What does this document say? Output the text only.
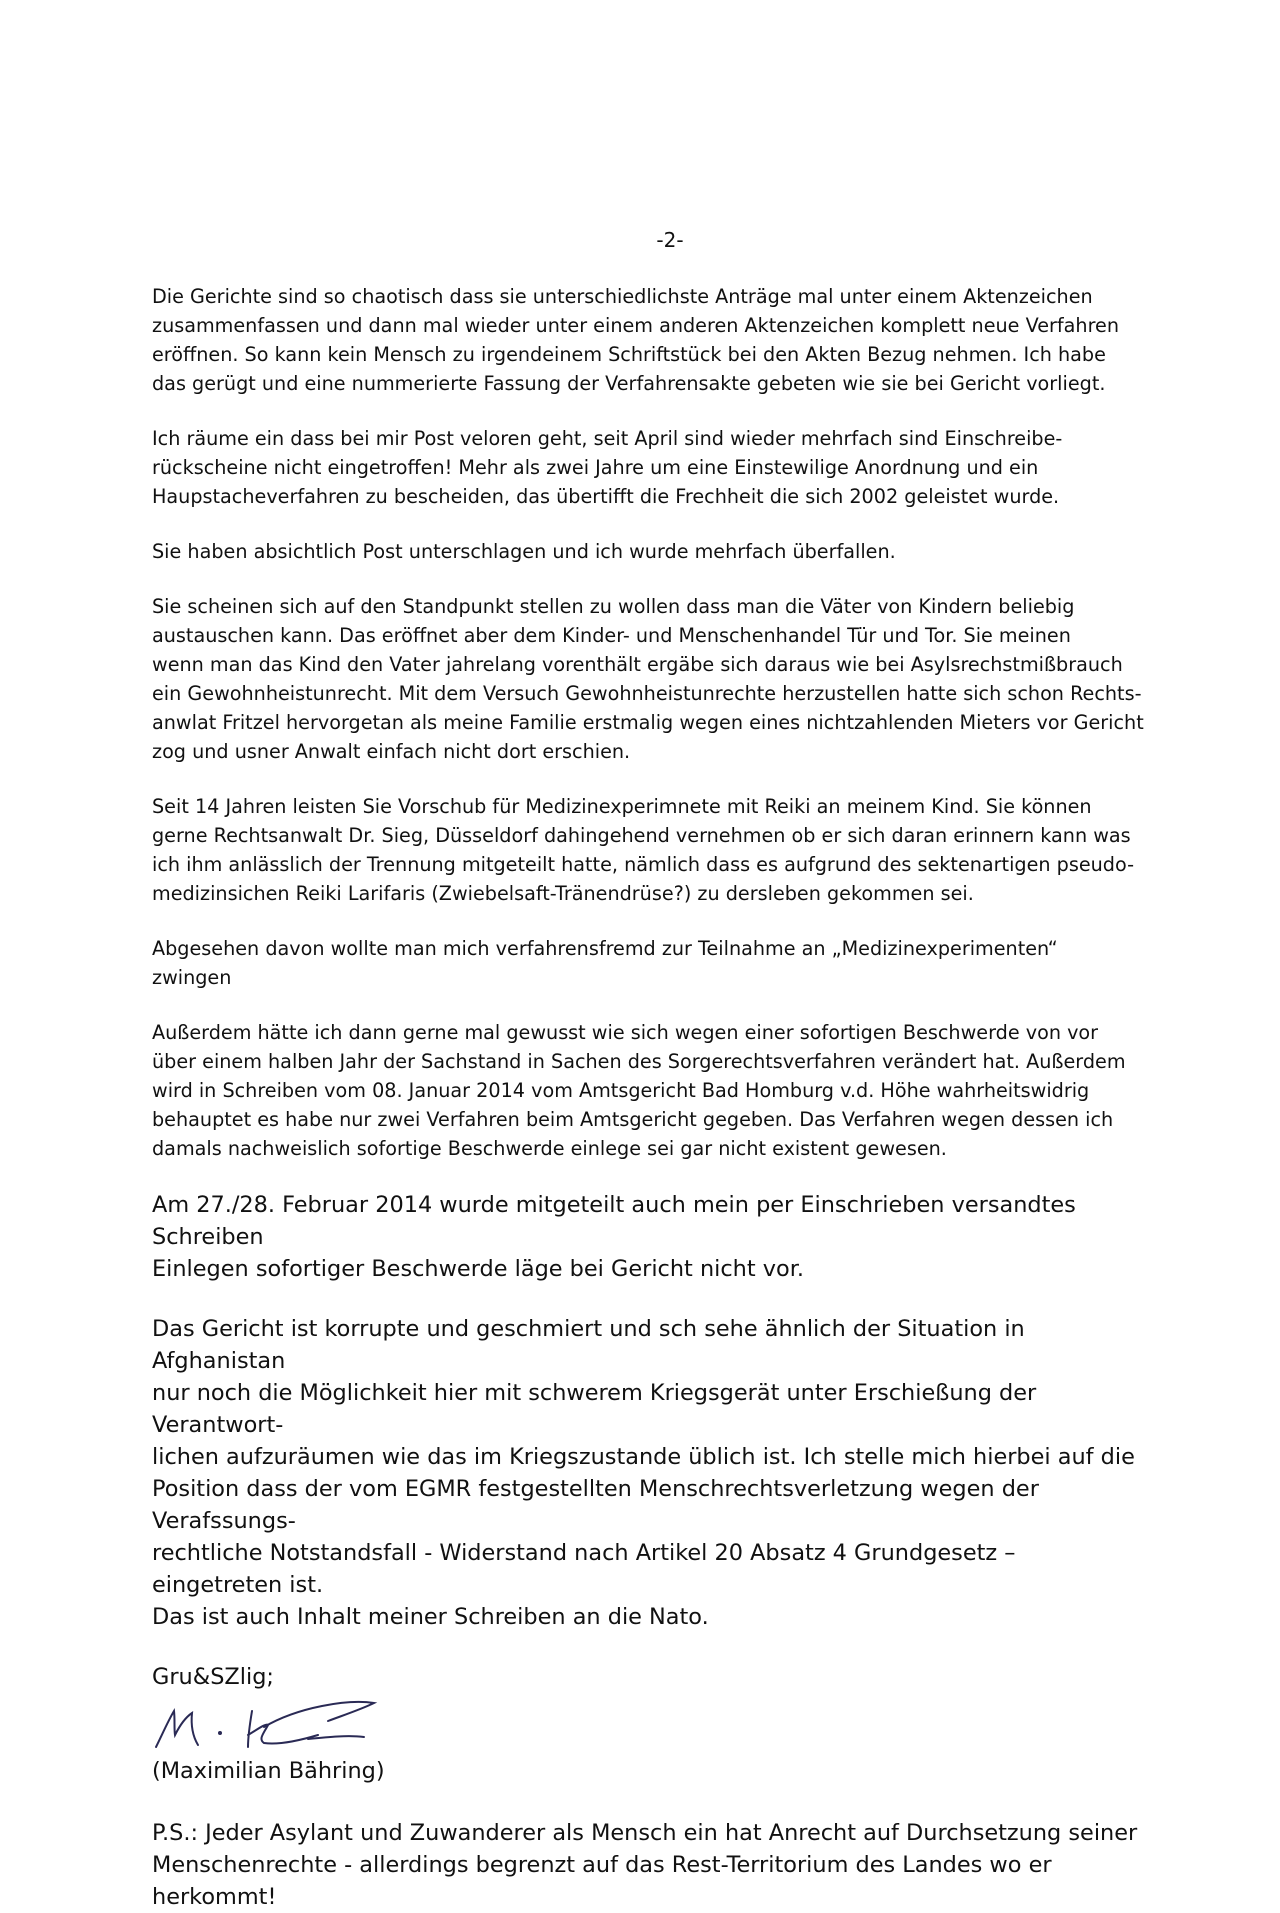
-2-

Die Gerichte sind so chaotisch dass sie unterschiedlichste Anträge mal unter einem Aktenzeichen
zusammenfassen und dann mal wieder unter einem anderen Aktenzeichen komplett neue Verfahren
eröffnen. So kann kein Mensch zu irgendeinem Schriftstück bei den Akten Bezug nehmen. Ich habe
das gerügt und eine nummerierte Fassung der Verfahrensakte gebeten wie sie bei Gericht vorliegt.

Ich räume ein dass bei mir Post veloren geht, seit April sind wieder mehrfach sind Einschreibe-
rückscheine nicht eingetroffen! Mehr als zwei Jahre um eine Einstewilige Anordnung und ein
Haupstacheverfahren zu bescheiden, das übertifft die Frechheit die sich 2002 geleistet wurde.

Sie haben absichtlich Post unterschlagen und ich wurde mehrfach überfallen.

Sie scheinen sich auf den Standpunkt stellen zu wollen dass man die Väter von Kindern beliebig
austauschen kann. Das eröffnet aber dem Kinder- und Menschenhandel Tür und Tor. Sie meinen
wenn man das Kind den Vater jahrelang vorenthält ergäbe sich daraus wie bei Asylsrechstmißbrauch
ein Gewohnheistunrecht. Mit dem Versuch Gewohnheistunrechte herzustellen hatte sich schon Rechts-
anwlat Fritzel hervorgetan als meine Familie erstmalig wegen eines nichtzahlenden Mieters vor Gericht
zog und usner Anwalt einfach nicht dort erschien.

Seit 14 Jahren leisten Sie Vorschub für Medizinexperimnete mit Reiki an meinem Kind. Sie können
gerne Rechtsanwalt Dr. Sieg, Düsseldorf dahingehend vernehmen ob er sich daran erinnern kann was
ich ihm anlässlich der Trennung mitgeteilt hatte, nämlich dass es aufgrund des sektenartigen pseudo-
medizinsichen Reiki Larifaris (Zwiebelsaft-Tränendrüse?) zu dersleben gekommen sei.

Abgesehen davon wollte man mich verfahrensfremd zur Teilnahme an „Medizinexperimenten“
zwingen

Außerdem hätte ich dann gerne mal gewusst wie sich wegen einer sofortigen Beschwerde von vor
über einem halben Jahr der Sachstand in Sachen des Sorgerechtsverfahren verändert hat. Außerdem
wird in Schreiben vom 08. Januar 2014 vom Amtsgericht Bad Homburg v.d. Höhe wahrheitswidrig
behauptet es habe nur zwei Verfahren beim Amtsgericht gegeben. Das Verfahren wegen dessen ich
damals nachweislich sofortige Beschwerde einlege sei gar nicht existent gewesen.

Am 27./28. Februar 2014 wurde mitgeteilt auch mein per Einschrieben versandtes Schreiben
Einlegen sofortiger Beschwerde läge bei Gericht nicht vor.

Das Gericht ist korrupte und geschmiert und sch sehe ähnlich der Situation in Afghanistan
nur noch die Möglichkeit hier mit schwerem Kriegsgerät unter Erschießung der Verantwort-
lichen aufzuräumen wie das im Kriegszustande üblich ist. Ich stelle mich hierbei auf die
Position dass der vom EGMR festgestellten Menschrechtsverletzung wegen der Verafssungs-
rechtliche Notstandsfall - Widerstand nach Artikel 20 Absatz 4 Grundgesetz – eingetreten ist.
Das ist auch Inhalt meiner Schreiben an die Nato.

Gru&SZlig;
(Maximilian Bähring)
P.S.: Jeder Asylant und Zuwanderer als Mensch ein hat Anrecht auf Durchsetzung seiner
Menschenrechte - allerdings begrenzt auf das Rest-Territorium des Landes wo er herkommt!
